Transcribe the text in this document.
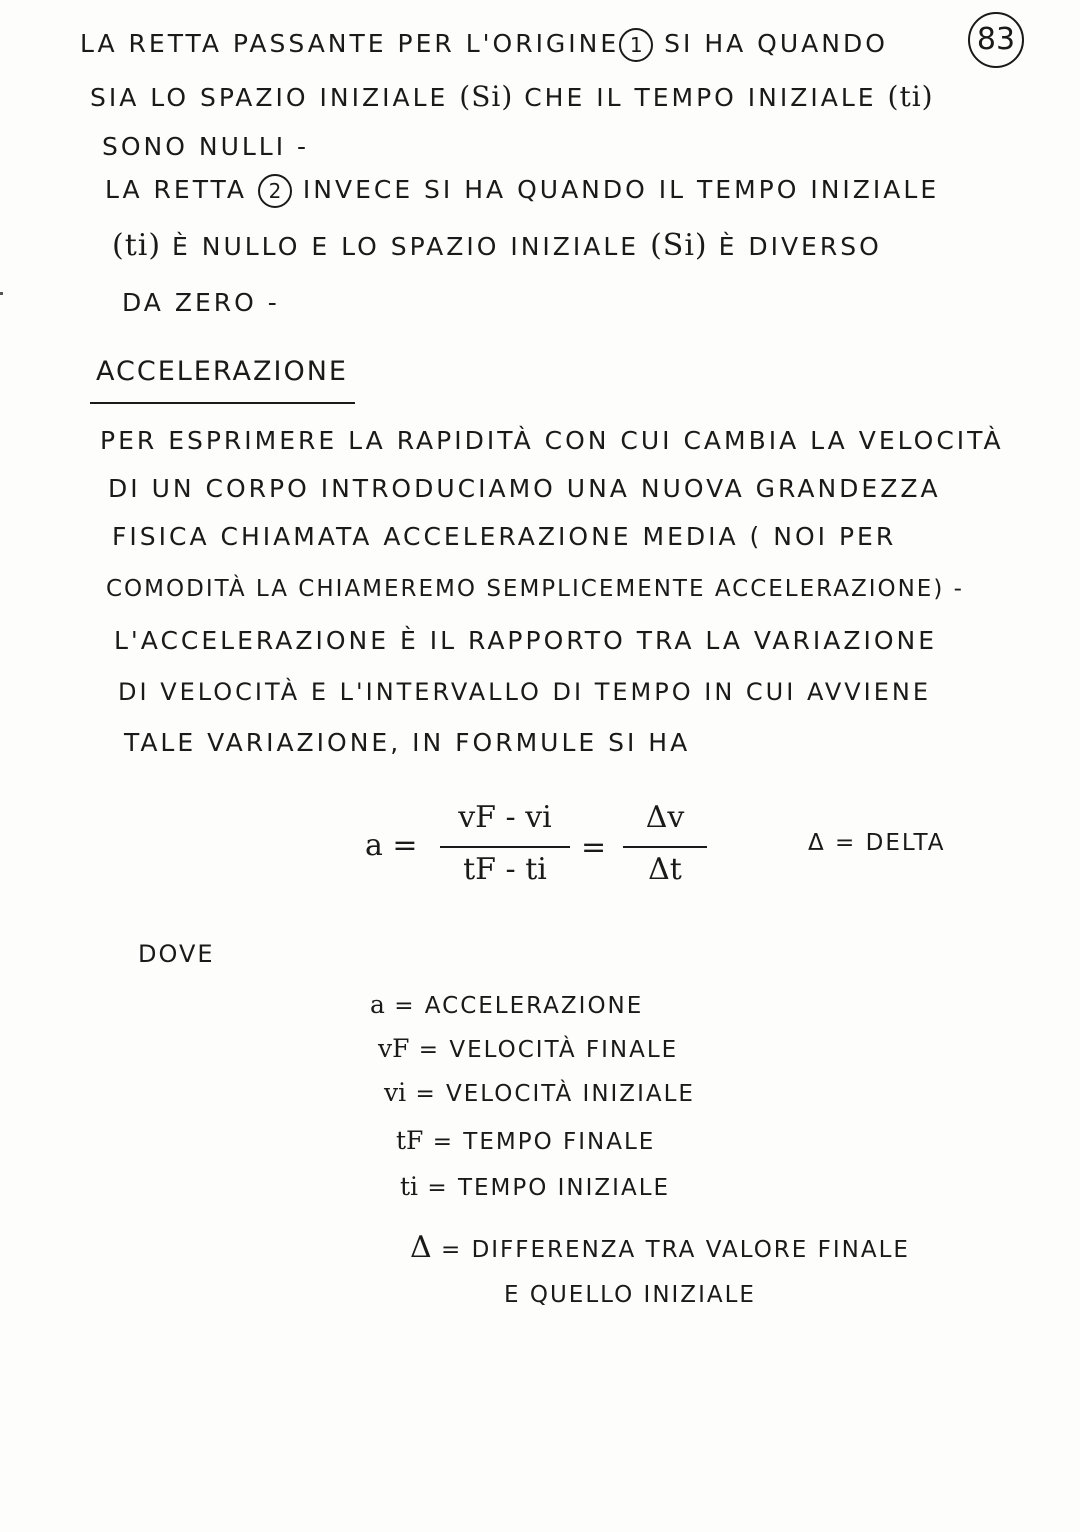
83
LA RETTA PASSANTE PER L'ORIGINE 1 SI HA QUANDO
SIA LO SPAZIO INIZIALE (Si) CHE IL TEMPO INIZIALE (ti)
SONO NULLI -
LA RETTA 2 INVECE SI HA QUANDO IL TEMPO INIZIALE
(ti) È NULLO E LO SPAZIO INIZIALE (Si) È DIVERSO
DA ZERO -
ACCELERAZIONE
PER ESPRIMERE LA RAPIDITÀ CON CUI CAMBIA LA VELOCITÀ
DI UN CORPO INTRODUCIAMO UNA NUOVA GRANDEZZA
FISICA CHIAMATA ACCELERAZIONE MEDIA ( NOI PER
COMODITÀ LA CHIAMEREMO SEMPLICEMENTE ACCELERAZIONE) -
L'ACCELERAZIONE È IL RAPPORTO TRA LA VARIAZIONE
DI VELOCITÀ E L'INTERVALLO DI TEMPO IN CUI AVVIENE
TALE VARIAZIONE, IN FORMULE SI HA
a =
vF - vi
tF - ti
=
Δv
Δt
Δ = DELTA
DOVE
a = ACCELERAZIONE
vF = VELOCITÀ FINALE
vi = VELOCITÀ INIZIALE
tF = TEMPO FINALE
ti = TEMPO INIZIALE
Δ = DIFFERENZA TRA VALORE FINALE
E QUELLO INIZIALE
